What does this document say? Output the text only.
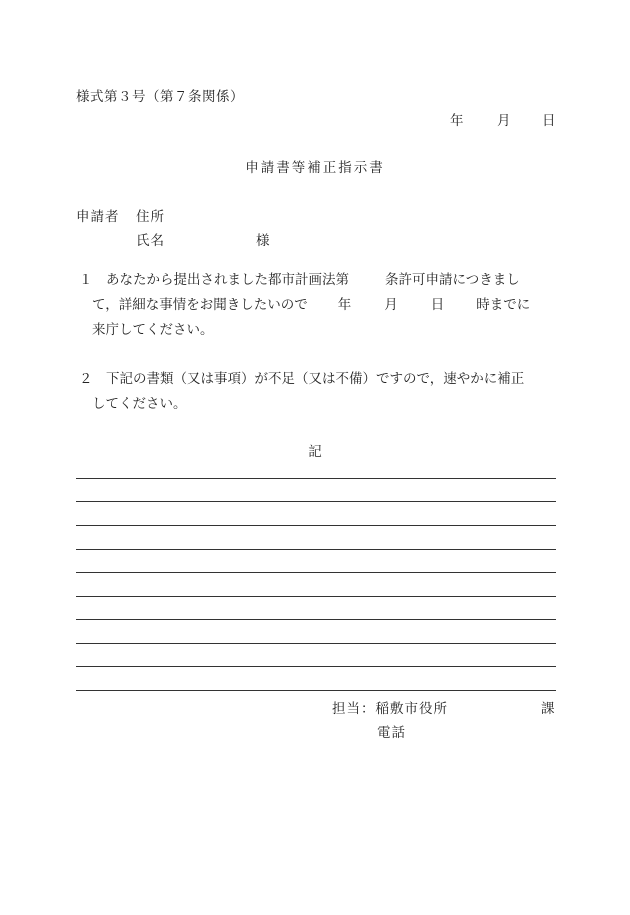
様式第３号（第７条関係）
年 月 日
申請書等補正指示書
申請者 住所
氏名	様
１	あなたから提出されました都市計画法第	条許可申請につきまし
て，詳細な事情をお聞きしたいので 年 月 日 時までに
来庁してください。
２	下記の書類（又は事項）が不足（又は不備）ですので，速やかに補正
してください。
記
担当：稲敷市役所	課
電話
